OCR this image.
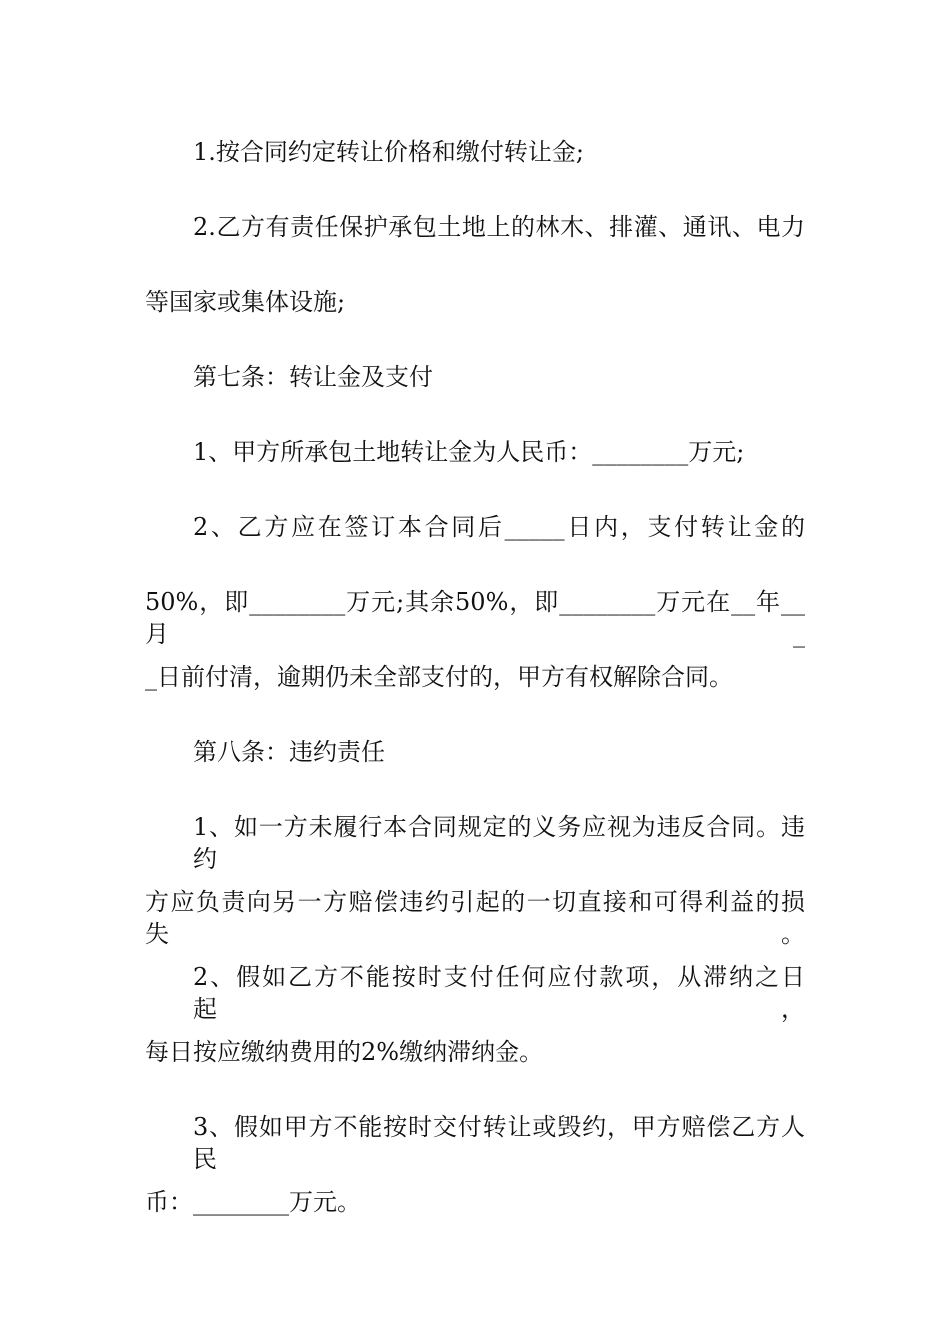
1.按合同约定转让价格和缴付转让金;
2.乙方有责任保护承包土地上的林木、排灌、通讯、电力
等国家或集体设施;
第七条：转让金及支付
1、甲方所承包土地转让金为人民币：________万元;
2、乙方应在签订本合同后_____日内，支付转让金的
50%，即________万元;其余50%，即________万元在__年__月_
_日前付清，逾期仍未全部支付的，甲方有权解除合同。
第八条：违约责任
1、如一方未履行本合同规定的义务应视为违反合同。违约
方应负责向另一方赔偿违约引起的一切直接和可得利益的损失。
2、假如乙方不能按时支付任何应付款项，从滞纳之日起，
每日按应缴纳费用的2%缴纳滞纳金。
3、假如甲方不能按时交付转让或毁约，甲方赔偿乙方人民
币：________万元。
